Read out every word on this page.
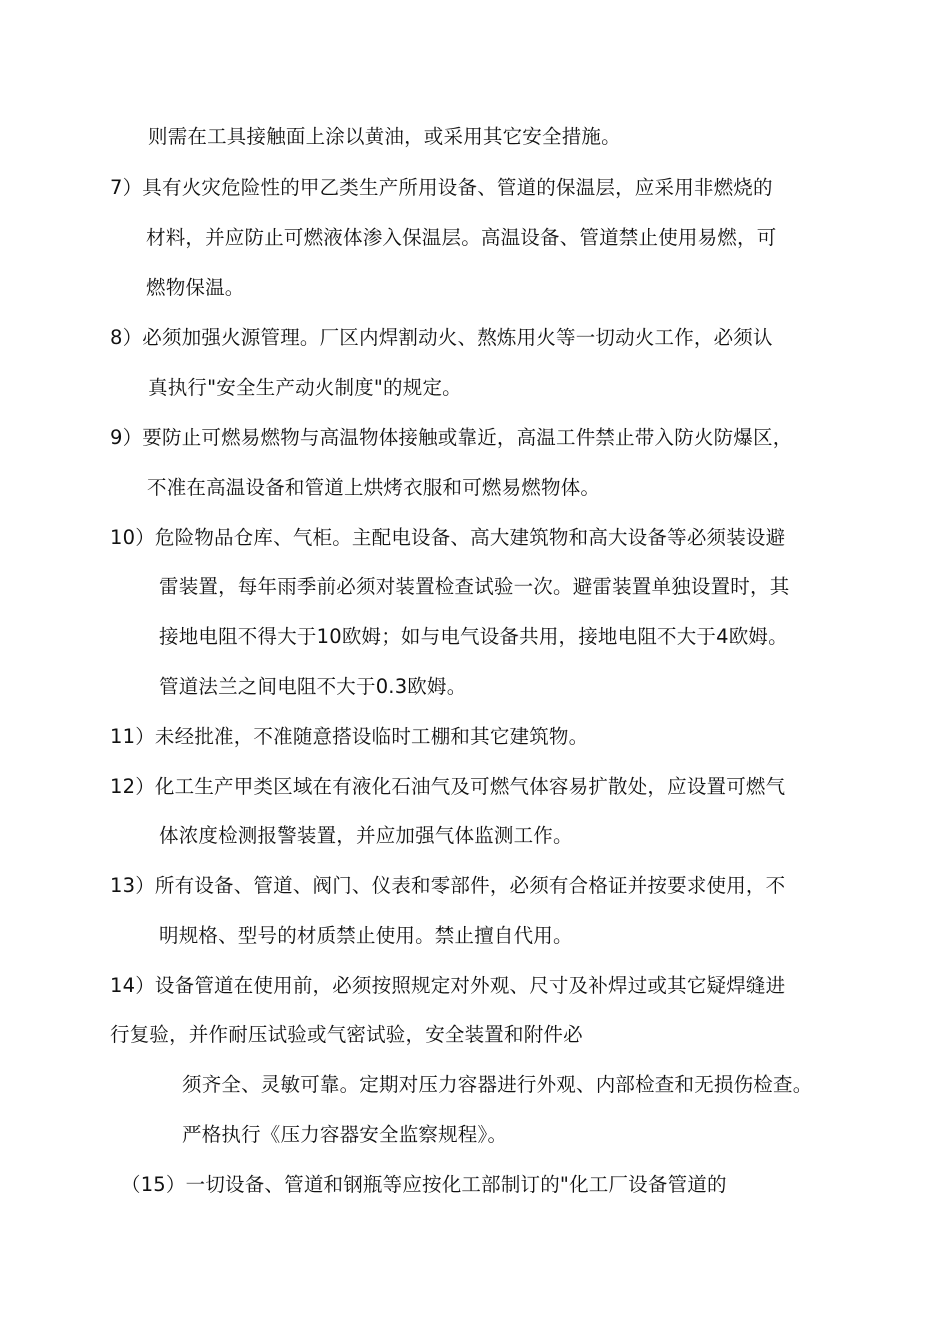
则需在工具接触面上涂以黄油，或采用其它安全措施。
7）具有火灾危险性的甲乙类生产所用设备、管道的保温层，应采用非燃烧的
材料，并应防止可燃液体渗入保温层。高温设备、管道禁止使用易燃，可
燃物保温。
8）必须加强火源管理。厂区内焊割动火、熬炼用火等一切动火工作，必须认
真执行"安全生产动火制度"的规定。
9）要防止可燃易燃物与高温物体接触或靠近，高温工件禁止带入防火防爆区，
不准在高温设备和管道上烘烤衣服和可燃易燃物体。
10）危险物品仓库、气柜。主配电设备、高大建筑物和高大设备等必须装设避
雷装置，每年雨季前必须对装置检查试验一次。避雷装置单独设置时，其
接地电阻不得大于10欧姆；如与电气设备共用，接地电阻不大于4欧姆。
管道法兰之间电阻不大于0.3欧姆。
11）未经批准，不准随意搭设临时工棚和其它建筑物。
12）化工生产甲类区域在有液化石油气及可燃气体容易扩散处，应设置可燃气
体浓度检测报警装置，并应加强气体监测工作。
13）所有设备、管道、阀门、仪表和零部件，必须有合格证并按要求使用，不
明规格、型号的材质禁止使用。禁止擅自代用。
14）设备管道在使用前，必须按照规定对外观、尺寸及补焊过或其它疑焊缝进
行复验，并作耐压试验或气密试验，安全装置和附件必
须齐全、灵敏可靠。定期对压力容器进行外观、内部检查和无损伤检查。
严格执行《压力容器安全监察规程》。
（15）一切设备、管道和钢瓶等应按化工部制订的"化工厂设备管道的
